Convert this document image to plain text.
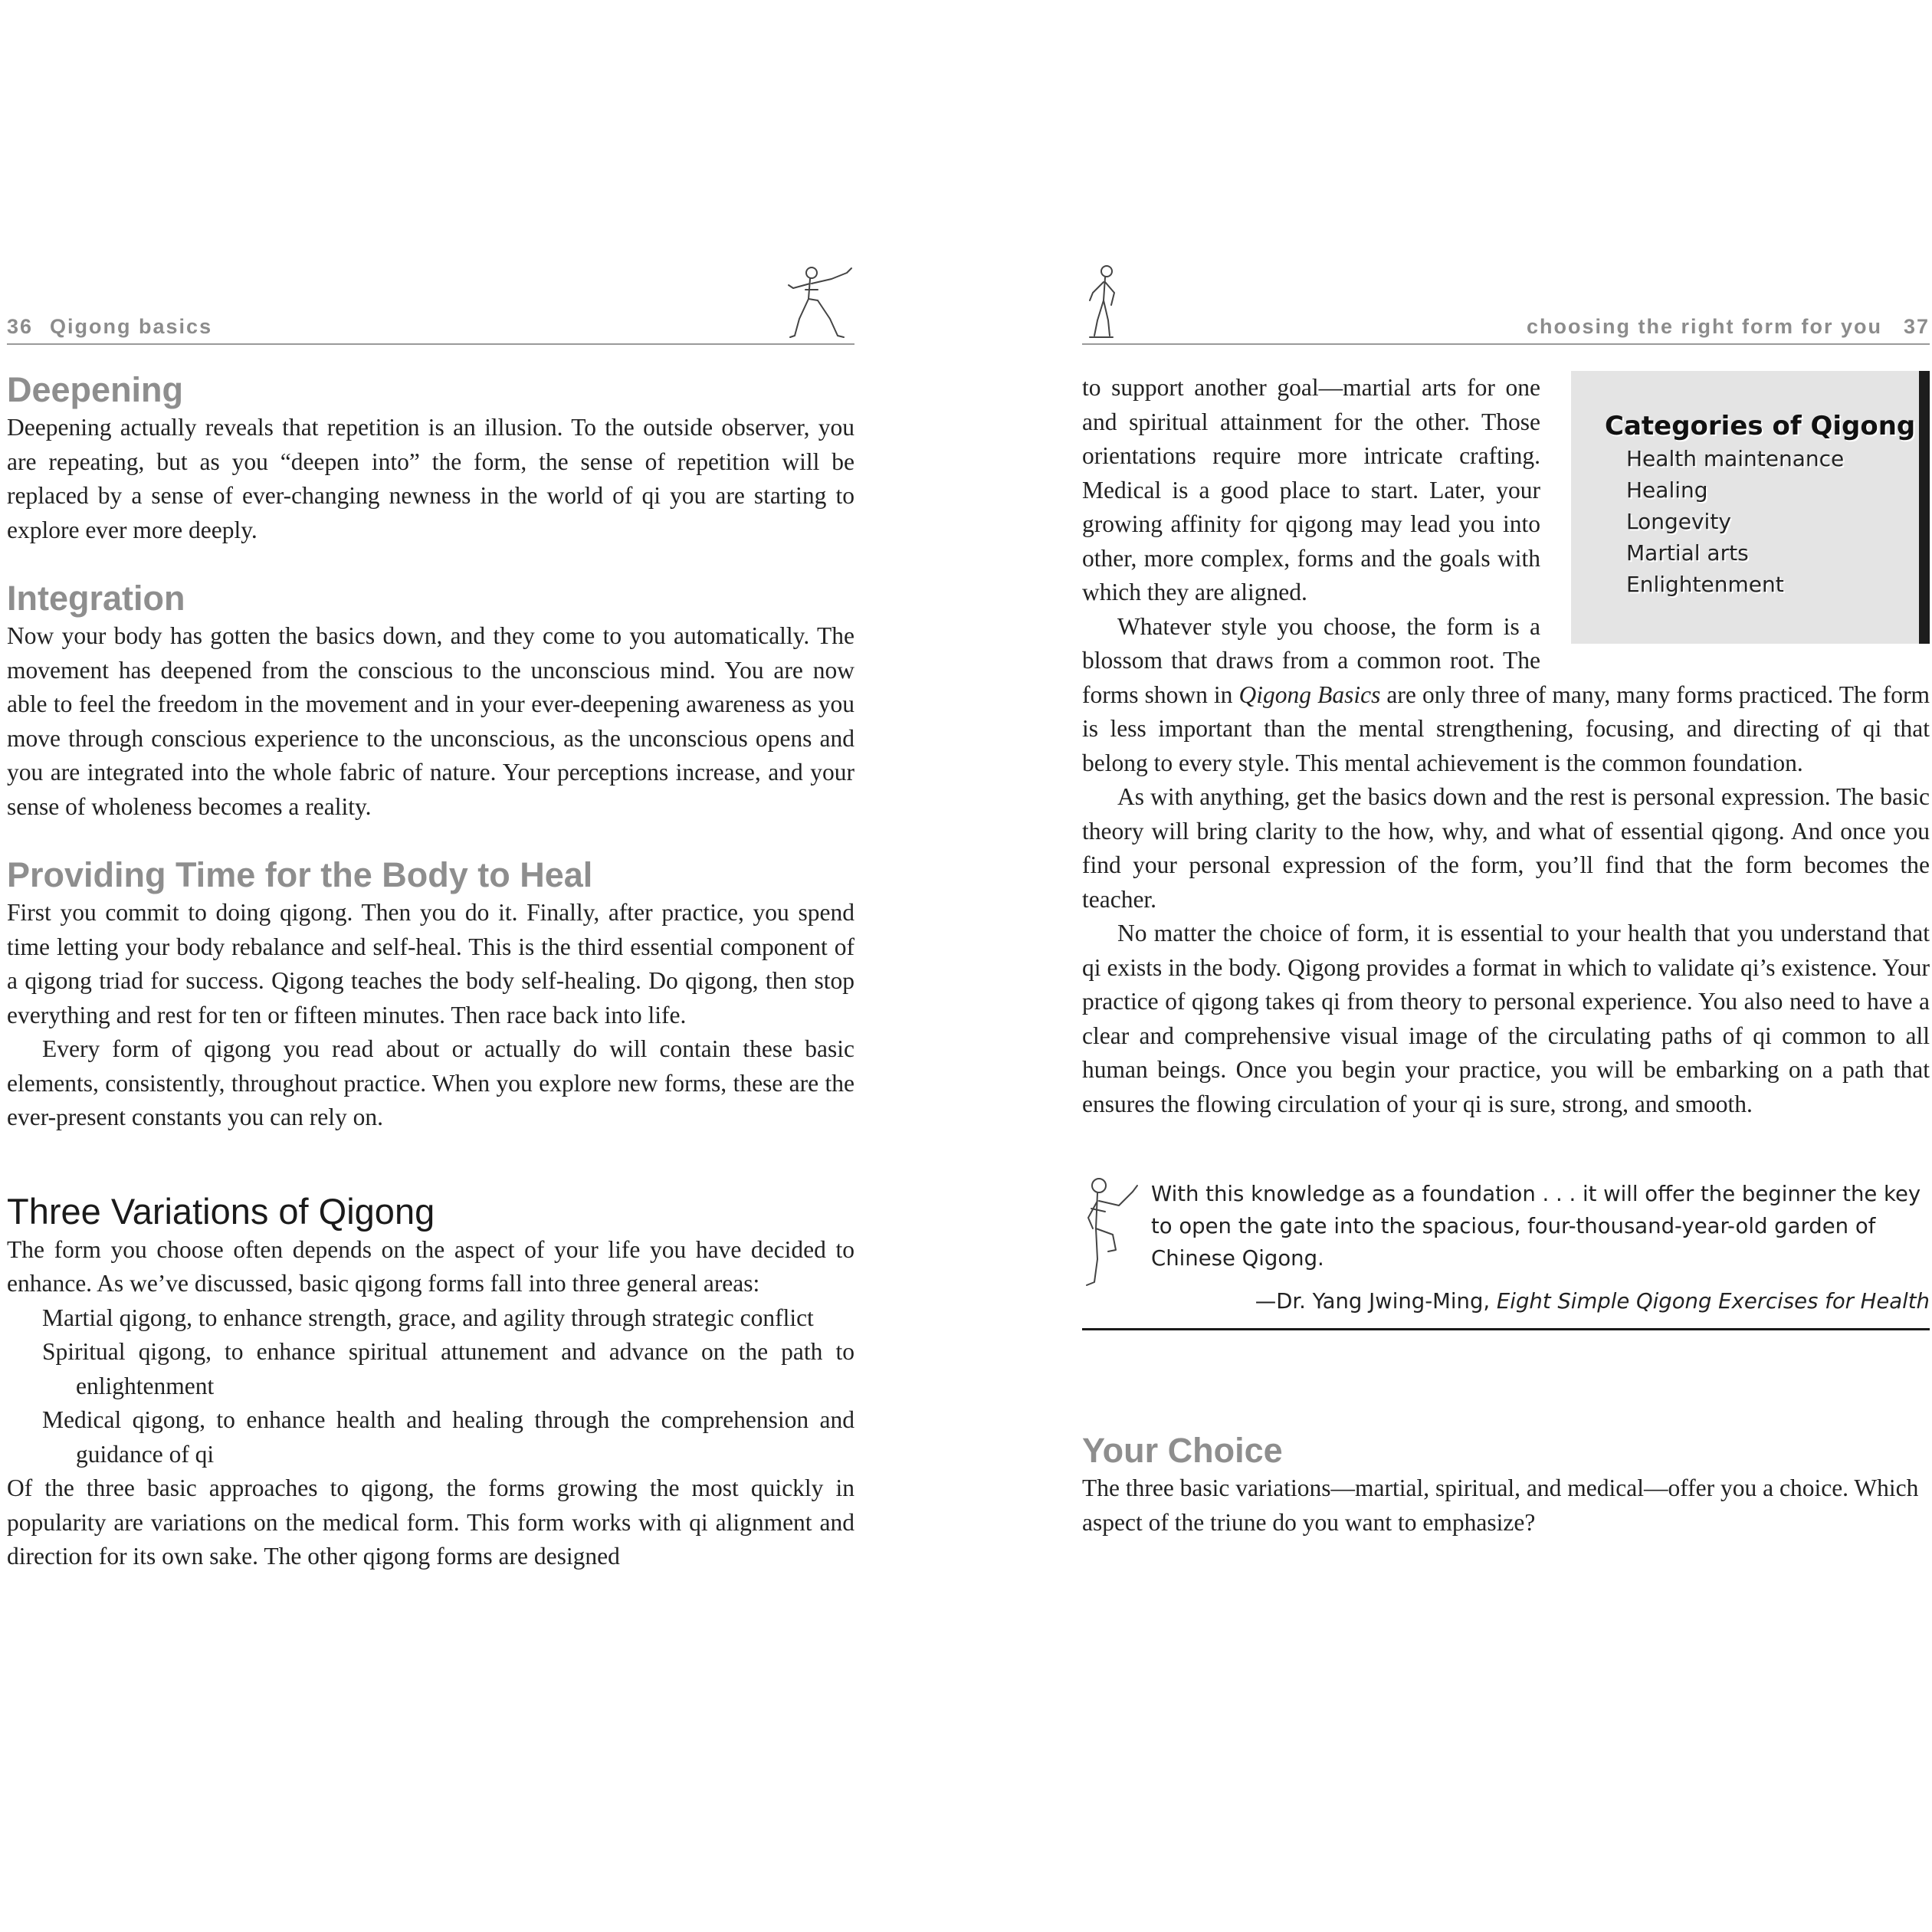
36 Qigong basics
Deepening

Deepening actually reveals that repetition is an illusion. To the outside observer, you are repeating, but as you “deepen into” the form, the sense of repetition will be replaced by a sense of ever-changing newness in the world of qi you are starting to explore ever more deeply.

Integration

Now your body has gotten the basics down, and they come to you automatically. The movement has deepened from the conscious to the unconscious mind. You are now able to feel the freedom in the movement and in your ever-deepening awareness as you move through conscious experience to the unconscious, as the unconscious opens and you are integrated into the whole fabric of nature. Your perceptions increase, and your sense of wholeness becomes a reality.

Providing Time for the Body to Heal

First you commit to doing qigong. Then you do it. Finally, after practice, you spend time letting your body rebalance and self-heal. This is the third essential component of a qigong triad for success. Qigong teaches the body self-healing. Do qigong, then stop everything and rest for ten or fifteen minutes. Then race back into life.

Every form of qigong you read about or actually do will contain these basic elements, consistently, throughout practice. When you explore new forms, these are the ever-present constants you can rely on.

Three Variations of Qigong

The form you choose often depends on the aspect of your life you have decided to enhance. As we’ve discussed, basic qigong forms fall into three general areas:

Martial qigong, to enhance strength, grace, and agility through strategic conflict

Spiritual qigong, to enhance spiritual attunement and advance on the path to enlightenment

Medical qigong, to enhance health and healing through the comprehension and guidance of qi

Of the three basic approaches to qigong, the forms growing the most quickly in popularity are variations on the medical form. This form works with qi alignment and direction for its own sake. The other qigong forms are designed

choosing the right form for you 37
Categories of Qigong
Health maintenance
Healing
Longevity
Martial arts
Enlightenment

to support another goal—martial arts for one and spiritual attainment for the other. Those orientations require more intricate crafting. Medical is a good place to start. Later, your growing affinity for qigong may lead you into other, more complex, forms and the goals with which they are aligned.

Whatever style you choose, the form is a blossom that draws from a common root. The forms shown in Qigong Basics are only three of many, many forms practiced. The form is less important than the mental strengthening, focusing, and directing of qi that belong to every style. This mental achievement is the common foundation.

As with anything, get the basics down and the rest is personal expression. The basic theory will bring clarity to the how, why, and what of essential qigong. And once you find your personal expression of the form, you’ll find that the form becomes the teacher.

No matter the choice of form, it is essential to your health that you understand that qi exists in the body. Qigong provides a format in which to validate qi’s existence. Your practice of qigong takes qi from theory to personal experience. You also need to have a clear and comprehensive visual image of the circulating paths of qi common to all human beings. Once you begin your practice, you will be embarking on a path that ensures the flowing circulation of your qi is sure, strong, and smooth.

With this knowledge as a foundation . . . it will offer the beginner the key to open the gate into the spacious, four-thousand-year-old garden of Chinese Qigong.
—Dr. Yang Jwing-Ming, Eight Simple Qigong Exercises for Health
Your Choice

The three basic variations—martial, spiritual, and medical—offer you a choice. Which aspect of the triune do you want to emphasize?
